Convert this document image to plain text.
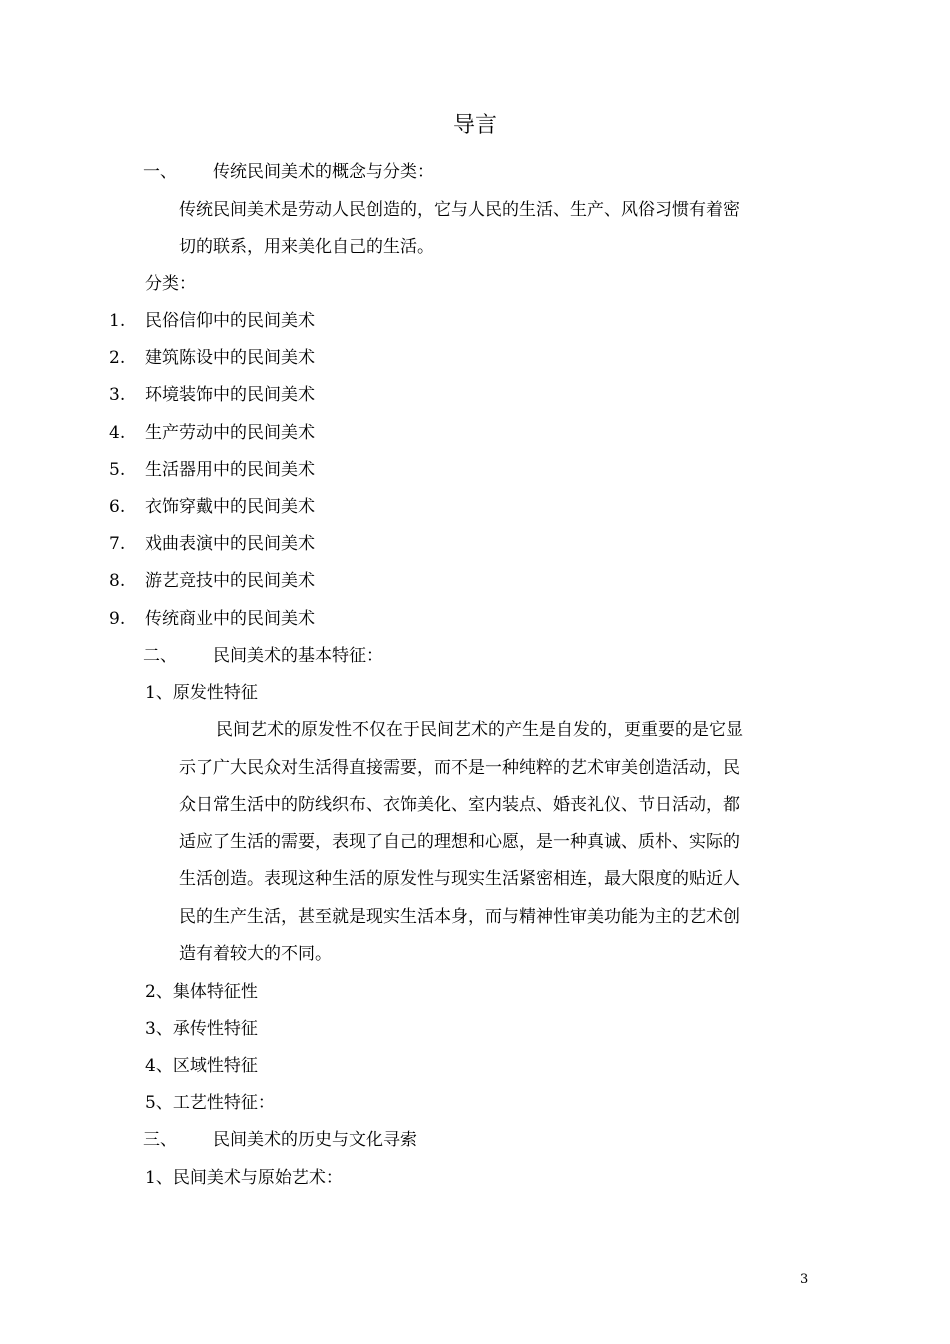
导言
一、 传统民间美术的概念与分类：
传统民间美术是劳动人民创造的，它与人民的生活、生产、风俗习惯有着密
切的联系，用来美化自己的生活。
分类：
1. 民俗信仰中的民间美术
2. 建筑陈设中的民间美术
3. 环境装饰中的民间美术
4. 生产劳动中的民间美术
5. 生活器用中的民间美术
6. 衣饰穿戴中的民间美术
7. 戏曲表演中的民间美术
8. 游艺竞技中的民间美术
9. 传统商业中的民间美术
二、 民间美术的基本特征：
1、原发性特征
民间艺术的原发性不仅在于民间艺术的产生是自发的，更重要的是它显
示了广大民众对生活得直接需要，而不是一种纯粹的艺术审美创造活动，民
众日常生活中的防线织布、衣饰美化、室内装点、婚丧礼仪、节日活动，都
适应了生活的需要，表现了自己的理想和心愿，是一种真诚、质朴、实际的
生活创造。表现这种生活的原发性与现实生活紧密相连，最大限度的贴近人
民的生产生活，甚至就是现实生活本身，而与精神性审美功能为主的艺术创
造有着较大的不同。
2、集体特征性
3、承传性特征
4、区域性特征
5、工艺性特征：
三、 民间美术的历史与文化寻索
1、民间美术与原始艺术：
3
